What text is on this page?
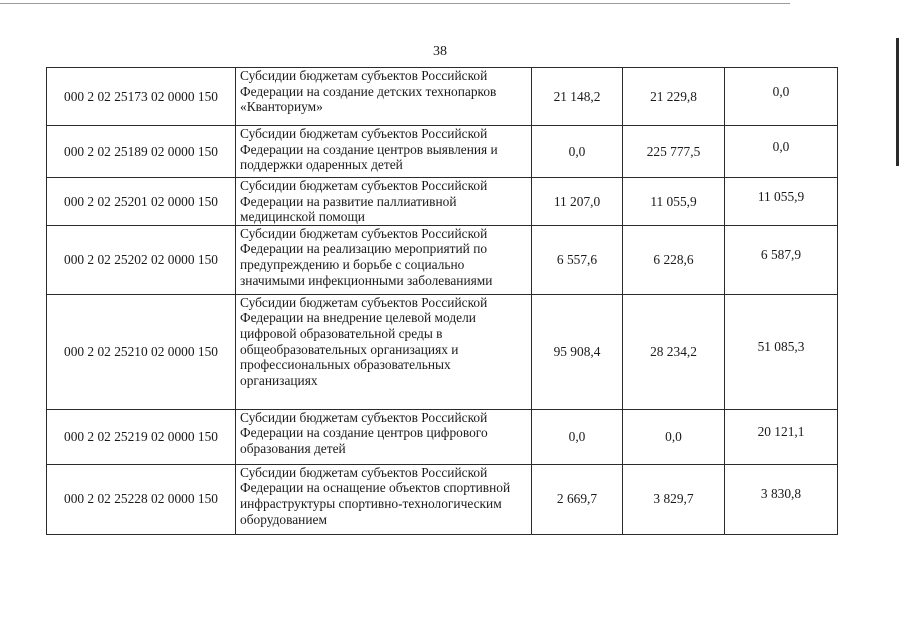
38
000 2 02 25173 02 0000 150	Субсидии бюджетам субъектов Российской Федерации на создание детских технопарков «Кванториум»	21 148,2	21 229,8	0,0
000 2 02 25189 02 0000 150	Субсидии бюджетам субъектов Российской Федерации на создание центров выявления и поддержки одаренных детей	0,0	225 777,5	0,0
000 2 02 25201 02 0000 150	Субсидии бюджетам субъектов Российской Федерации на развитие паллиативной медицинской помощи	11 207,0	11 055,9	11 055,9
000 2 02 25202 02 0000 150	Субсидии бюджетам субъектов Российской Федерации на реализацию мероприятий по предупреждению и борьбе с социально значимыми инфекционными заболеваниями	6 557,6	6 228,6	6 587,9
000 2 02 25210 02 0000 150	Субсидии бюджетам субъектов Российской Федерации на внедрение целевой модели цифровой образовательной среды в общеобразовательных организациях и профессиональных образовательных организациях	95 908,4	28 234,2	51 085,3
000 2 02 25219 02 0000 150	Субсидии бюджетам субъектов Российской Федерации на создание центров цифрового образования детей	0,0	0,0	20 121,1
000 2 02 25228 02 0000 150	Субсидии бюджетам субъектов Российской Федерации на оснащение объектов спортивной инфраструктуры спортивно-технологическим оборудованием	2 669,7	3 829,7	3 830,8
